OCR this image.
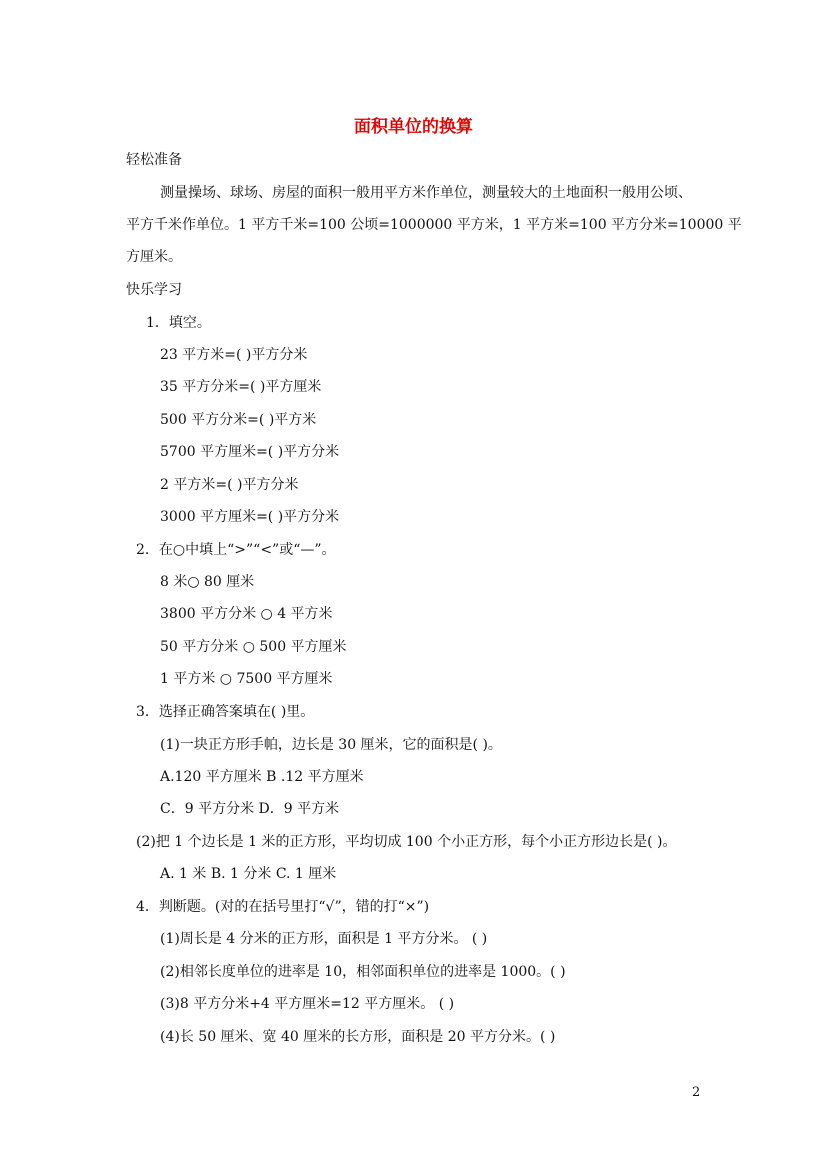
面积单位的换算
轻松准备
测量操场、球场、房屋的面积一般用平方米作单位，测量较大的土地面积一般用公顷、
平方千米作单位。1 平方千米=100 公顷=1000000 平方米，1 平方米=100 平方分米=10000 平
方厘米。
快乐学习
1．填空。
23 平方米=( )平方分米
35 平方分米=( )平方厘米
500 平方分米=( )平方米
5700 平方厘米=( )平方分米
2 平方米=( )平方分米
3000 平方厘米=( )平方分米
2．在○中填上“>”“<”或“—”。
8 米○ 80 厘米
3800 平方分米 ○ 4 平方米
50 平方分米 ○ 500 平方厘米
1 平方米 ○ 7500 平方厘米
3．选择正确答案填在( )里。
(1)一块正方形手帕，边长是 30 厘米，它的面积是( )。
A.120 平方厘米 B .12 平方厘米
C．9 平方分米 D．9 平方米
(2)把 1 个边长是 1 米的正方形，平均切成 100 个小正方形，每个小正方形边长是( )。
A. 1 米 B. 1 分米 C. 1 厘米
4．判断题。(对的在括号里打“√”，错的打“×”)
(1)周长是 4 分米的正方形，面积是 1 平方分米。 ( )
(2)相邻长度单位的进率是 10，相邻面积单位的进率是 1000。( )
(3)8 平方分米+4 平方厘米=12 平方厘米。 ( )
(4)长 50 厘米、宽 40 厘米的长方形，面积是 20 平方分米。( )
2
